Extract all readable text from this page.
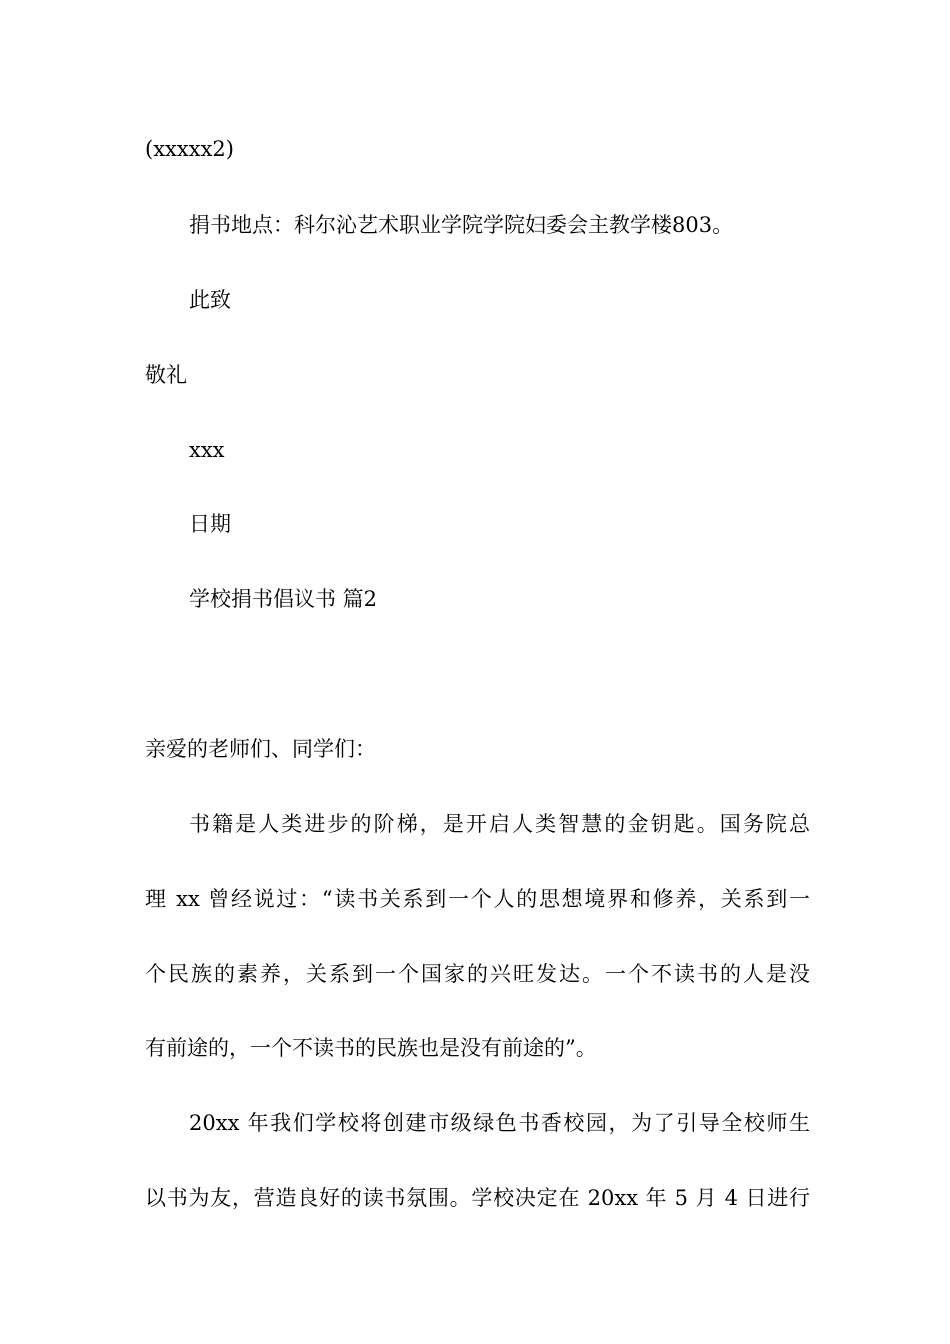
(xxxxx2)
捐书地点：科尔沁艺术职业学院学院妇委会主教学楼803。
此致
敬礼
xxx
日期
学校捐书倡议书 篇2
亲爱的老师们、同学们：
书籍是人类进步的阶梯，是开启人类智慧的金钥匙。国务院总
理 xx 曾经说过：“读书关系到一个人的思想境界和修养，关系到一
个民族的素养，关系到一个国家的兴旺发达。一个不读书的人是没
有前途的，一个不读书的民族也是没有前途的”。
20xx 年我们学校将创建市级绿色书香校园，为了引导全校师生
以书为友，营造良好的读书氛围。学校决定在 20xx 年 5 月 4 日进行
